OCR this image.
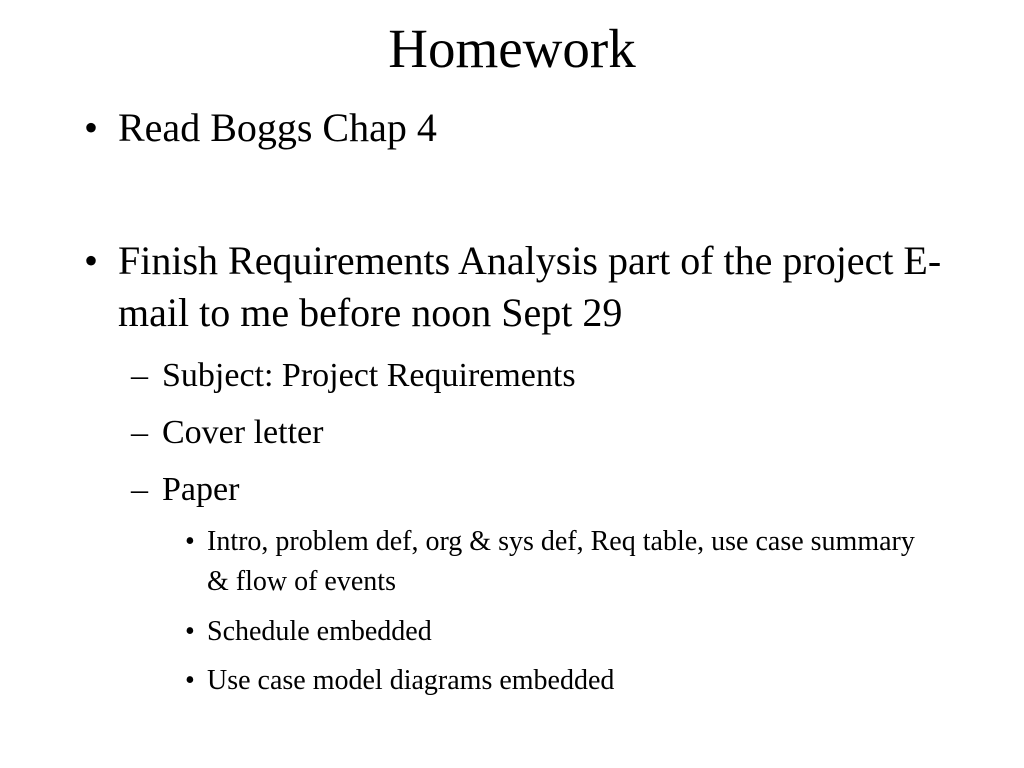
Homework
• Read Boggs Chap 4
• Finish Requirements Analysis part of the project E-mail to me before noon Sept 29
– Subject: Project Requirements
– Cover letter
– Paper
• Intro, problem def, org & sys def, Req table, use case summary & flow of events
• Schedule embedded
• Use case model diagrams embedded
